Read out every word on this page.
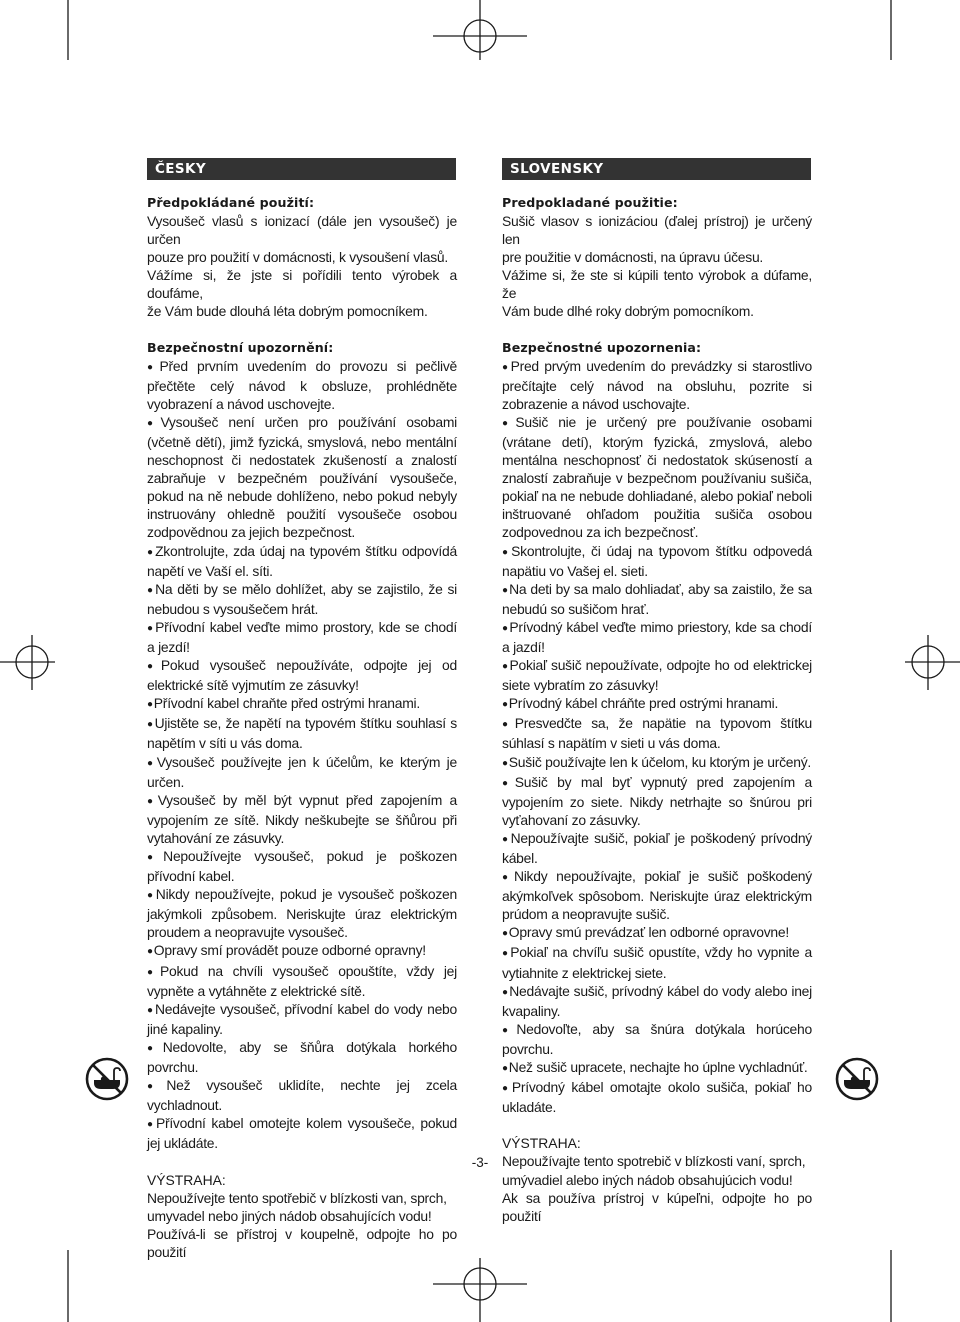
ČESKY

Předpokládané použití:

Vysoušeč vlasů s ionizací (dále jen vysoušeč) je určen

pouze pro použití v domácnosti, k vysoušení vlasů.

Vážíme si, že jste si pořídili tento výrobek a doufáme,

že Vám bude dlouhá léta dobrým pomocníkem.

Bezpečnostní upozornění:

●Před prvním uvedením do provozu si pečlivě přečtěte celý návod k obsluze, prohlédněte vyobrazení a návod uschovejte.
●Vysoušeč není určen pro používání osobami (včetně dětí), jimž fyzická, smyslová, nebo mentální neschopnost či nedostatek zkušeností a znalostí zabraňuje v bezpečném používání vysoušeče, pokud na ně nebude dohlíženo, nebo pokud nebyly instruovány ohledně použití vysoušeče osobou zodpovědnou za jejich bezpečnost.
●Zkontrolujte, zda údaj na typovém štítku odpovídá napětí ve Vaší el. síti.
●Na děti by se mělo dohlížet, aby se zajistilo, že si nebudou s vysoušečem hrát.
●Přívodní kabel veďte mimo prostory, kde se chodí a jezdí!
●Pokud vysoušeč nepoužíváte, odpojte jej od elektrické sítě vyjmutím ze zásuvky!
●Přívodní kabel chraňte před ostrými hranami.
●Ujistěte se, že napětí na typovém štítku souhlasí s napětím v síti u vás doma.
●Vysoušeč používejte jen k účelům, ke kterým je určen.
●Vysoušeč by měl být vypnut před zapojením a vypojením ze sítě. Nikdy neškubejte se šňůrou při vytahování ze zásuvky.
●Nepoužívejte vysoušeč, pokud je poškozen přívodní kabel.
●Nikdy nepoužívejte, pokud je vysoušeč poškozen jakýmkoli způsobem. Neriskujte úraz elektrickým proudem a neopravujte vysoušeč.
●Opravy smí provádět pouze odborné opravny!
●Pokud na chvíli vysoušeč opouštíte, vždy jej vypněte a vytáhněte z elektrické sítě.
●Nedávejte vysoušeč, přívodní kabel do vody nebo jiné kapaliny.
●Nedovolte, aby se šňůra dotýkala horkého povrchu.
●Než vysoušeč uklidíte, nechte jej zcela vychladnout.
●Přívodní kabel omotejte kolem vysoušeče, pokud jej ukládáte.

VÝSTRAHA:

Nepoužívejte tento spotřebič v blízkosti van, sprch,

umyvadel nebo jiných nádob obsahujících vodu!

Používá-li se přístroj v koupelně, odpojte ho po použití

SLOVENSKY

Predpokladané použitie:

Sušič vlasov s ionizáciou (ďalej prístroj) je určený len

pre použitie v domácnosti, na úpravu účesu.

Vážime si, že ste si kúpili tento výrobok a dúfame, že

Vám bude dlhé roky dobrým pomocníkom.

Bezpečnostné upozornenia:

●Pred prvým uvedením do prevádzky si starostlivo prečítajte celý návod na obsluhu, pozrite si zobrazenie a návod uschovajte.
●Sušič nie je určený pre používanie osobami (vrátane detí), ktorým fyzická, zmyslová, alebo mentálna neschopnosť či nedostatok skúseností a znalostí zabraňuje v bezpečnom používaniu sušiča, pokiaľ na ne nebude dohliadané, alebo pokiaľ neboli inštruované ohľadom použitia sušiča osobou zodpovednou za ich bezpečnosť.
●Skontrolujte, či údaj na typovom štítku odpovedá napätiu vo Vašej el. sieti.
●Na deti by sa malo dohliadať, aby sa zaistilo, že sa nebudú so sušičom hrať.
●Prívodný kábel veďte mimo priestory, kde sa chodí a jazdí!
●Pokiaľ sušič nepoužívate, odpojte ho od elektrickej siete vybratím zo zásuvky!
●Prívodný kábel chráňte pred ostrými hranami.
●Presvedčte sa, že napätie na typovom štítku súhlasí s napätím v sieti u vás doma.
●Sušič používajte len k účelom, ku ktorým je určený.
●Sušič by mal byť vypnutý pred zapojením a vypojením zo siete. Nikdy netrhajte so šnúrou pri vyťahovaní zo zásuvky.
●Nepoužívajte sušič, pokiaľ je poškodený prívodný kábel.
●Nikdy nepoužívajte, pokiaľ je sušič poškodený akýmkoľvek spôsobom. Neriskujte úraz elektrickým prúdom a neopravujte sušič.
●Opravy smú prevádzať len odborné opravovne!
●Pokiaľ na chvíľu sušič opustíte, vždy ho vypnite a vytiahnite z elektrickej siete.
●Nedávajte sušič, prívodný kábel do vody alebo inej kvapaliny.
●Nedovoľte, aby sa šnúra dotýkala horúceho povrchu.
●Než sušič upracete, nechajte ho úplne vychladnúť.
●Prívodný kábel omotajte okolo sušiča, pokiaľ ho ukladáte.

VÝSTRAHA:

Nepoužívajte tento spotrebič v blízkosti vaní, sprch,

umývadiel alebo iných nádob obsahujúcich vodu!

Ak sa používa prístroj v kúpeľni, odpojte ho po použití

-3-
